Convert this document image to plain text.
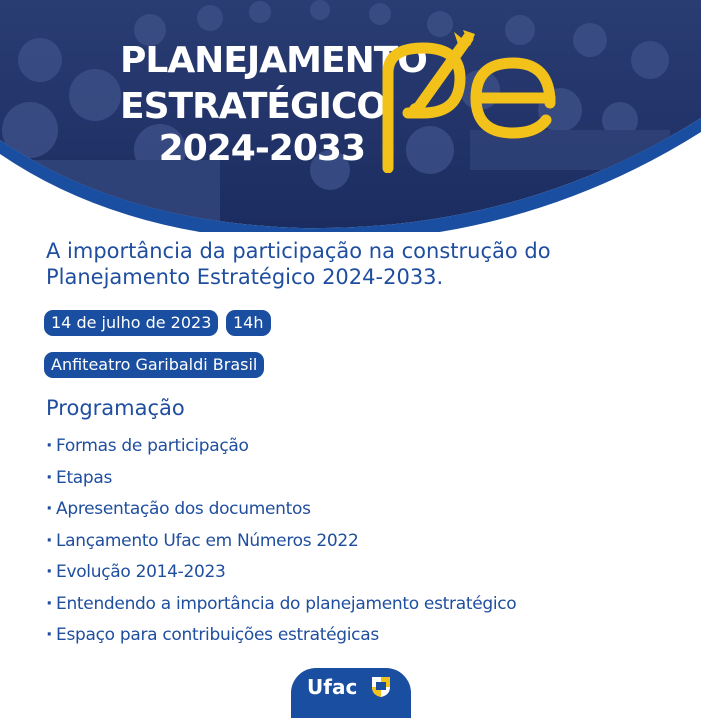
PLANEJAMENTO
ESTRATÉGICO
2024-2033
A importância da participação na construção do Planejamento Estratégico 2024-2033.
14 de julho de 2023	14h
Anfiteatro Garibaldi Brasil
Programação
· Formas de participação
· Etapas
· Apresentação dos documentos
· Lançamento Ufac em Números 2022
· Evolução 2014-2023
· Entendendo a importância do planejamento estratégico
· Espaço para contribuições estratégicas
Ufac
